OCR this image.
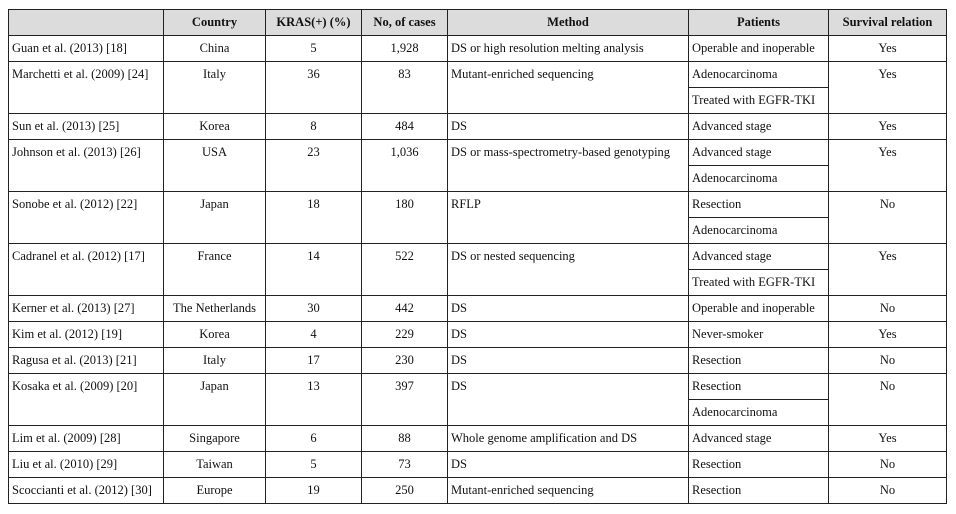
	Country	KRAS(+) (%)	No, of cases	Method	Patients	Survival relation
Guan et al. (2013) [18]	China	5	1,928	DS or high resolution melting analysis	Operable and inoperable	Yes
Marchetti et al. (2009) [24]	Italy	36	83	Mutant-enriched sequencing	Adenocarcinoma	Yes
					Treated with EGFR-TKI	
Sun et al. (2013) [25]	Korea	8	484	DS	Advanced stage	Yes
Johnson et al. (2013) [26]	USA	23	1,036	DS or mass-spectrometry-based genotyping	Advanced stage	Yes
					Adenocarcinoma	
Sonobe et al. (2012) [22]	Japan	18	180	RFLP	Resection	No
					Adenocarcinoma	
Cadranel et al. (2012) [17]	France	14	522	DS or nested sequencing	Advanced stage	Yes
					Treated with EGFR-TKI	
Kerner et al. (2013) [27]	The Netherlands	30	442	DS	Operable and inoperable	No
Kim et al. (2012) [19]	Korea	4	229	DS	Never-smoker	Yes
Ragusa et al. (2013) [21]	Italy	17	230	DS	Resection	No
Kosaka et al. (2009) [20]	Japan	13	397	DS	Resection	No
					Adenocarcinoma	
Lim et al. (2009) [28]	Singapore	6	88	Whole genome amplification and DS	Advanced stage	Yes
Liu et al. (2010) [29]	Taiwan	5	73	DS	Resection	No
Scoccianti et al. (2012) [30]	Europe	19	250	Mutant-enriched sequencing	Resection	No
